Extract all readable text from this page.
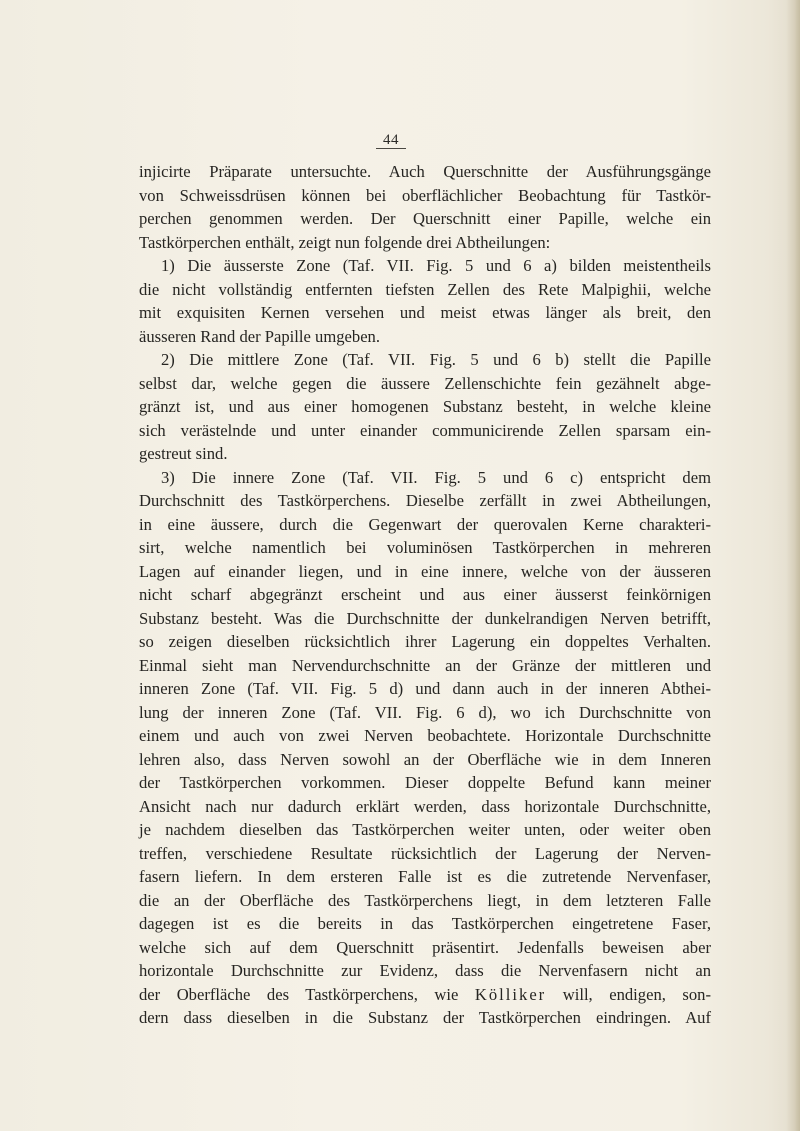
44
injicirte Präparate untersuchte. Auch Querschnitte der Ausführungsgänge
von Schweissdrüsen können bei oberflächlicher Beobachtung für Tastkör-
perchen genommen werden. Der Querschnitt einer Papille, welche ein
Tastkörperchen enthält, zeigt nun folgende drei Abtheilungen:
1) Die äusserste Zone (Taf. VII. Fig. 5 und 6 a) bilden meistentheils
die nicht vollständig entfernten tiefsten Zellen des Rete Malpighii, welche
mit exquisiten Kernen versehen und meist etwas länger als breit, den
äusseren Rand der Papille umgeben.
2) Die mittlere Zone (Taf. VII. Fig. 5 und 6 b) stellt die Papille
selbst dar, welche gegen die äussere Zellenschichte fein gezähnelt abge-
gränzt ist, und aus einer homogenen Substanz besteht, in welche kleine
sich verästelnde und unter einander communicirende Zellen sparsam ein-
gestreut sind.
3) Die innere Zone (Taf. VII. Fig. 5 und 6 c) entspricht dem
Durchschnitt des Tastkörperchens. Dieselbe zerfällt in zwei Abtheilungen,
in eine äussere, durch die Gegenwart der querovalen Kerne charakteri-
sirt, welche namentlich bei voluminösen Tastkörperchen in mehreren
Lagen auf einander liegen, und in eine innere, welche von der äusseren
nicht scharf abgegränzt erscheint und aus einer äusserst feinkörnigen
Substanz besteht. Was die Durchschnitte der dunkelrandigen Nerven betrifft,
so zeigen dieselben rücksichtlich ihrer Lagerung ein doppeltes Verhalten.
Einmal sieht man Nervendurchschnitte an der Gränze der mittleren und
inneren Zone (Taf. VII. Fig. 5 d) und dann auch in der inneren Abthei-
lung der inneren Zone (Taf. VII. Fig. 6 d), wo ich Durchschnitte von
einem und auch von zwei Nerven beobachtete. Horizontale Durchschnitte
lehren also, dass Nerven sowohl an der Oberfläche wie in dem Inneren
der Tastkörperchen vorkommen. Dieser doppelte Befund kann meiner
Ansicht nach nur dadurch erklärt werden, dass horizontale Durchschnitte,
je nachdem dieselben das Tastkörperchen weiter unten, oder weiter oben
treffen, verschiedene Resultate rücksichtlich der Lagerung der Nerven-
fasern liefern. In dem ersteren Falle ist es die zutretende Nervenfaser,
die an der Oberfläche des Tastkörperchens liegt, in dem letzteren Falle
dagegen ist es die bereits in das Tastkörperchen eingetretene Faser,
welche sich auf dem Querschnitt präsentirt. Jedenfalls beweisen aber
horizontale Durchschnitte zur Evidenz, dass die Nervenfasern nicht an
der Oberfläche des Tastkörperchens, wie Kölliker will, endigen, son-
dern dass dieselben in die Substanz der Tastkörperchen eindringen. Auf
